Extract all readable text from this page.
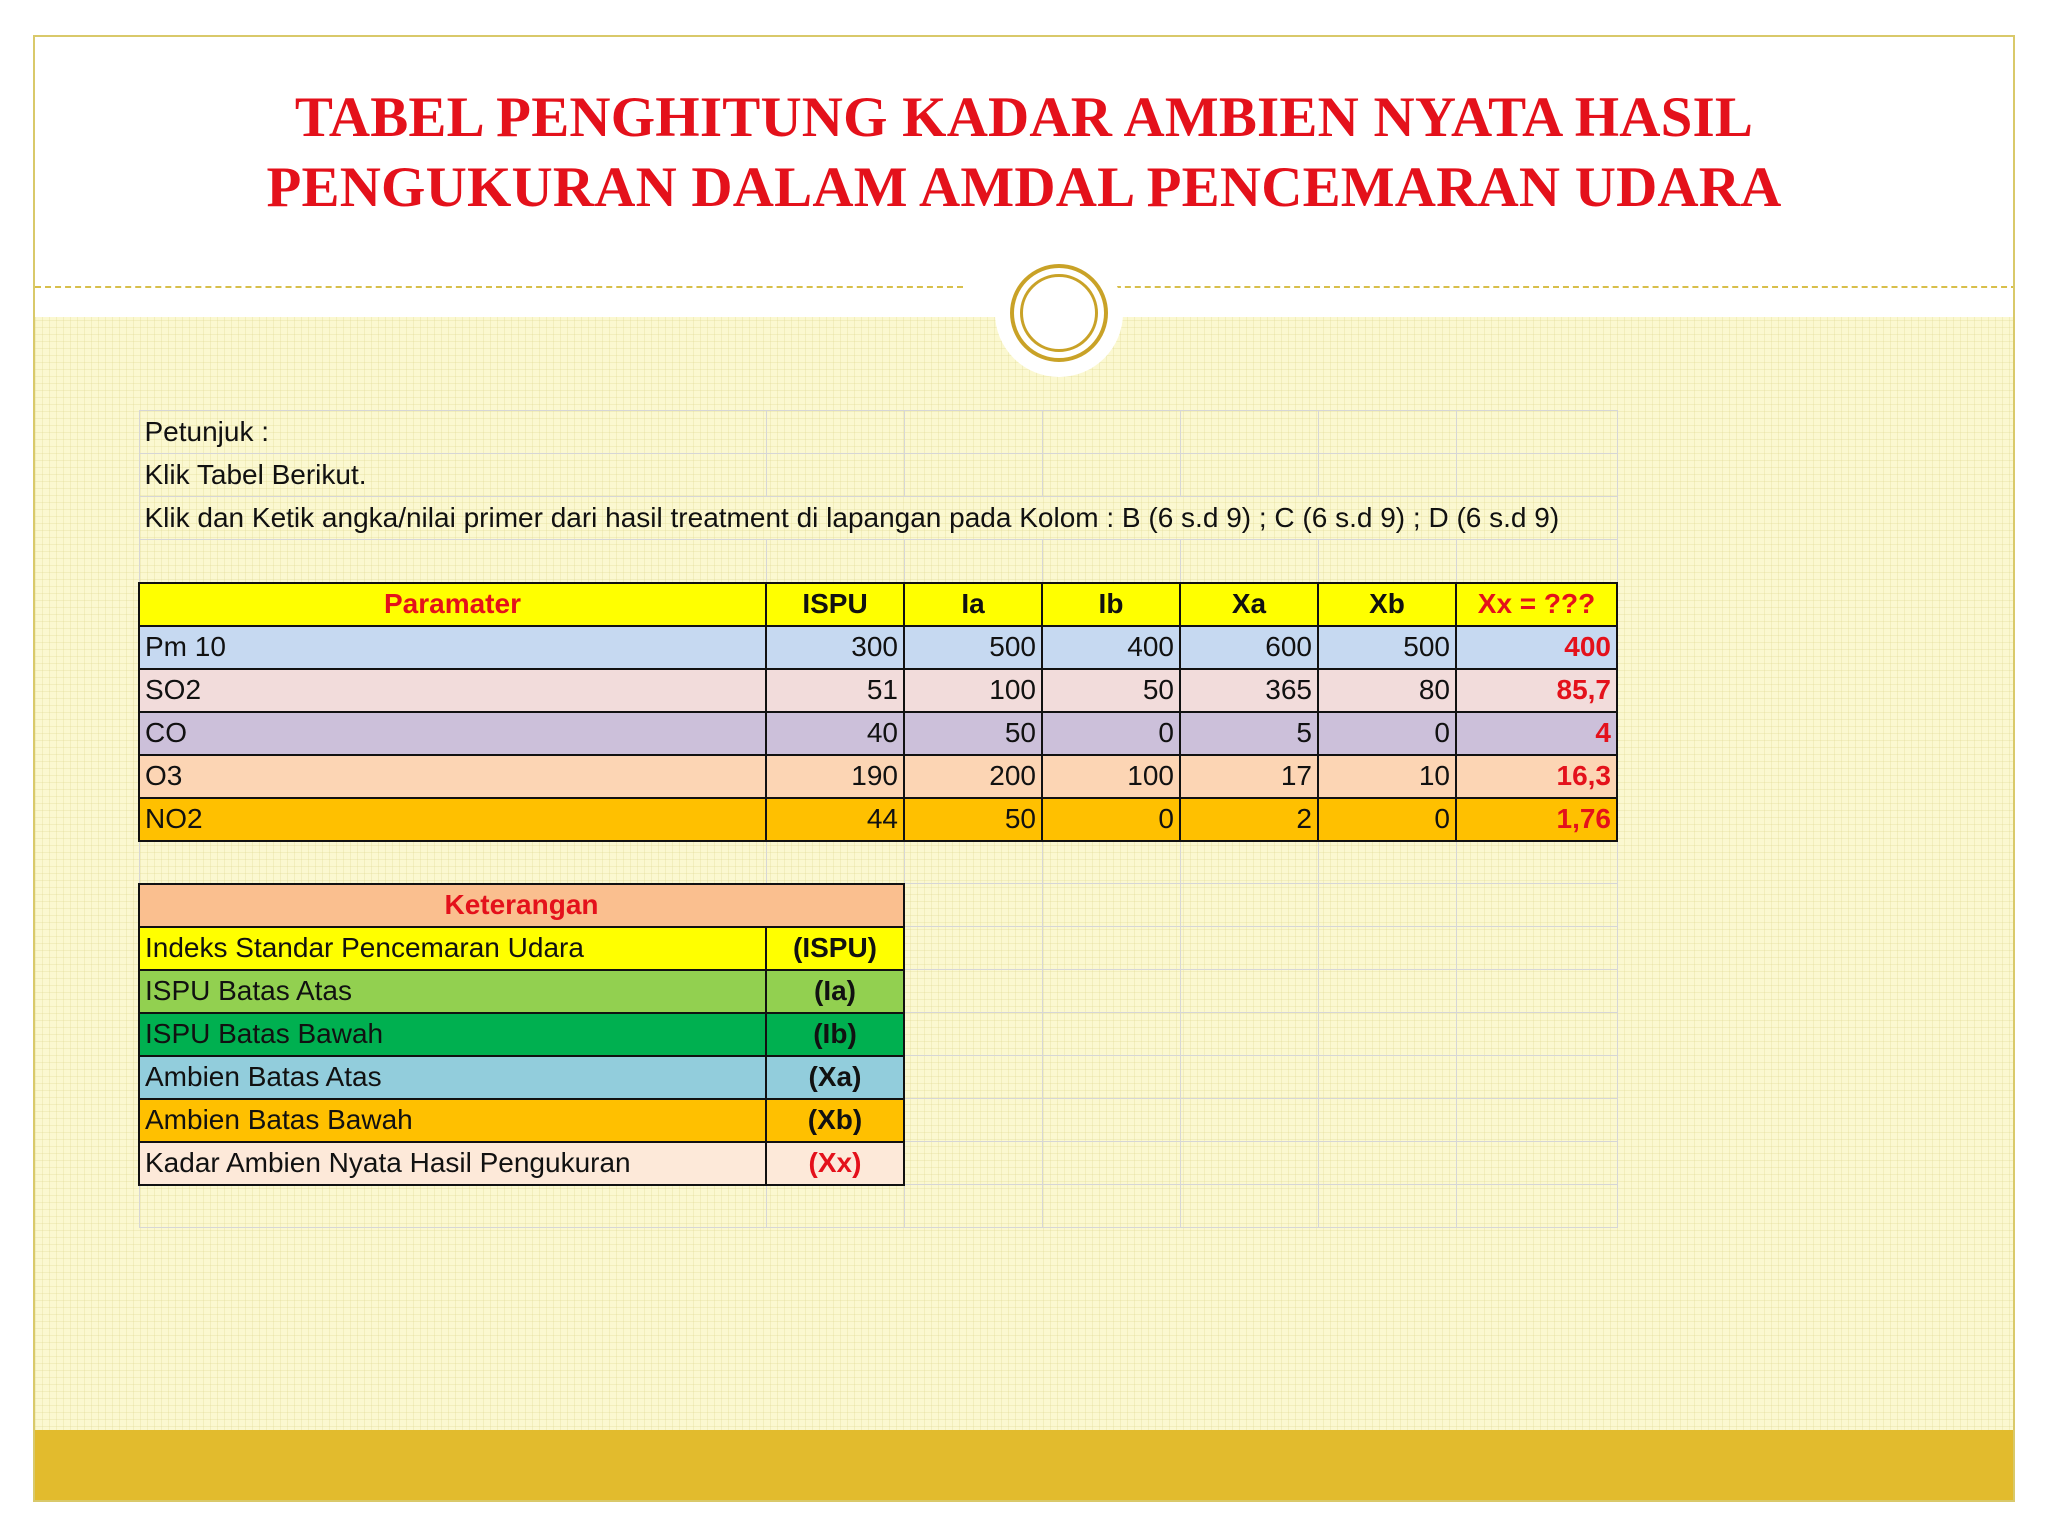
TABEL PENGHITUNG KADAR AMBIEN NYATA HASIL
PENGUKURAN DALAM AMDAL PENCEMARAN UDARA
Petunjuk :						
Klik Tabel Berikut.						
Klik dan Ketik angka/nilai primer dari hasil treatment di lapangan pada Kolom : B (6 s.d 9) ; C (6 s.d 9) ; D (6 s.d 9)						

Paramater	ISPU	Ia	Ib	Xa	Xb	Xx = ???
Pm 10	300	500	400	600	500	400
SO2	51	100	50	365	80	85,7
CO	40	50	0	5	0	4
O3	190	200	100	17	10	16,3
NO2	44	50	0	2	0	1,76

Keterangan						
Indeks Standar Pencemaran Udara	(ISPU)					
ISPU Batas Atas	(Ia)					
ISPU Batas Bawah	(Ib)					
Ambien Batas Atas	(Xa)					
Ambien Batas Bawah	(Xb)					
Kadar Ambien Nyata Hasil Pengukuran	(Xx)					
